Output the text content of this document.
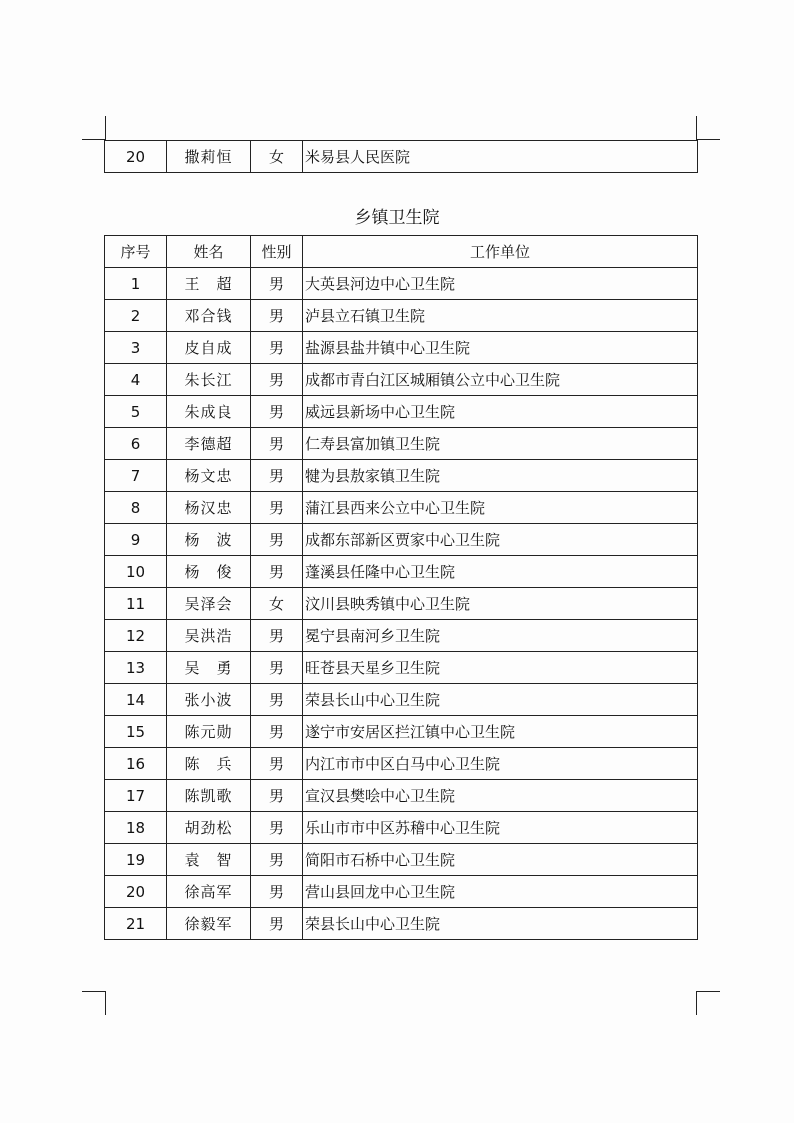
20	撒莉恒	女	米易县人民医院
乡镇卫生院
序号	姓名	性别	工作单位
1	王　超	男	大英县河边中心卫生院
2	邓合钱	男	泸县立石镇卫生院
3	皮自成	男	盐源县盐井镇中心卫生院
4	朱长江	男	成都市青白江区城厢镇公立中心卫生院
5	朱成良	男	威远县新场中心卫生院
6	李德超	男	仁寿县富加镇卫生院
7	杨文忠	男	犍为县敖家镇卫生院
8	杨汉忠	男	蒲江县西来公立中心卫生院
9	杨　波	男	成都东部新区贾家中心卫生院
10	杨　俊	男	蓬溪县任隆中心卫生院
11	吴泽会	女	汶川县映秀镇中心卫生院
12	吴洪浩	男	冕宁县南河乡卫生院
13	吴　勇	男	旺苍县天星乡卫生院
14	张小波	男	荣县长山中心卫生院
15	陈元勋	男	遂宁市安居区拦江镇中心卫生院
16	陈　兵	男	内江市市中区白马中心卫生院
17	陈凯歌	男	宣汉县樊哙中心卫生院
18	胡劲松	男	乐山市市中区苏稽中心卫生院
19	袁　智	男	简阳市石桥中心卫生院
20	徐高军	男	营山县回龙中心卫生院
21	徐毅军	男	荣县长山中心卫生院
